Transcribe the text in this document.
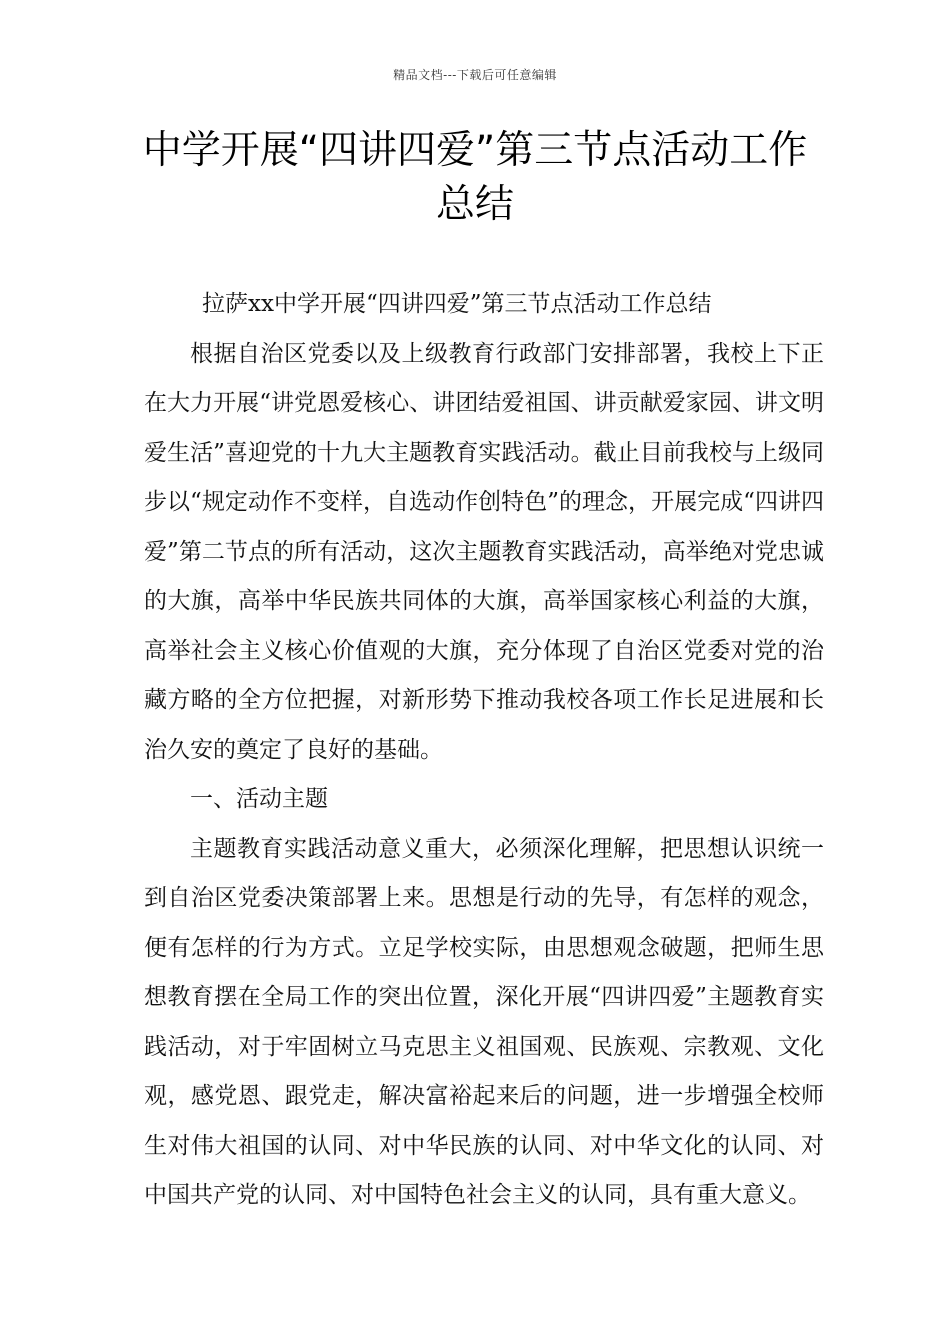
精品文档---下载后可任意编辑
中学开展“四讲四爱”第三节点活动工作总结

拉萨xx中学开展“四讲四爱”第三节点活动工作总结

根据自治区党委以及上级教育行政部门安排部署，我校上下正在大力开展“讲党恩爱核心、讲团结爱祖国、讲贡献爱家园、讲文明爱生活”喜迎党的十九大主题教育实践活动。截止目前我校与上级同步以“规定动作不变样，自选动作创特色”的理念，开展完成“四讲四爱”第二节点的所有活动，这次主题教育实践活动，高举绝对党忠诚的大旗，高举中华民族共同体的大旗，高举国家核心利益的大旗，高举社会主义核心价值观的大旗，充分体现了自治区党委对党的治藏方略的全方位把握，对新形势下推动我校各项工作长足进展和长治久安的奠定了良好的基础。

一、活动主题

主题教育实践活动意义重大，必须深化理解，把思想认识统一到自治区党委决策部署上来。思想是行动的先导，有怎样的观念，便有怎样的行为方式。立足学校实际，由思想观念破题，把师生思想教育摆在全局工作的突出位置，深化开展“四讲四爱”主题教育实践活动，对于牢固树立马克思主义祖国观、民族观、宗教观、文化观，感党恩、跟党走，解决富裕起来后的问题，进一步增强全校师生对伟大祖国的认同、对中华民族的认同、对中华文化的认同、对中国共产党的认同、对中国特色社会主义的认同，具有重大意义。
